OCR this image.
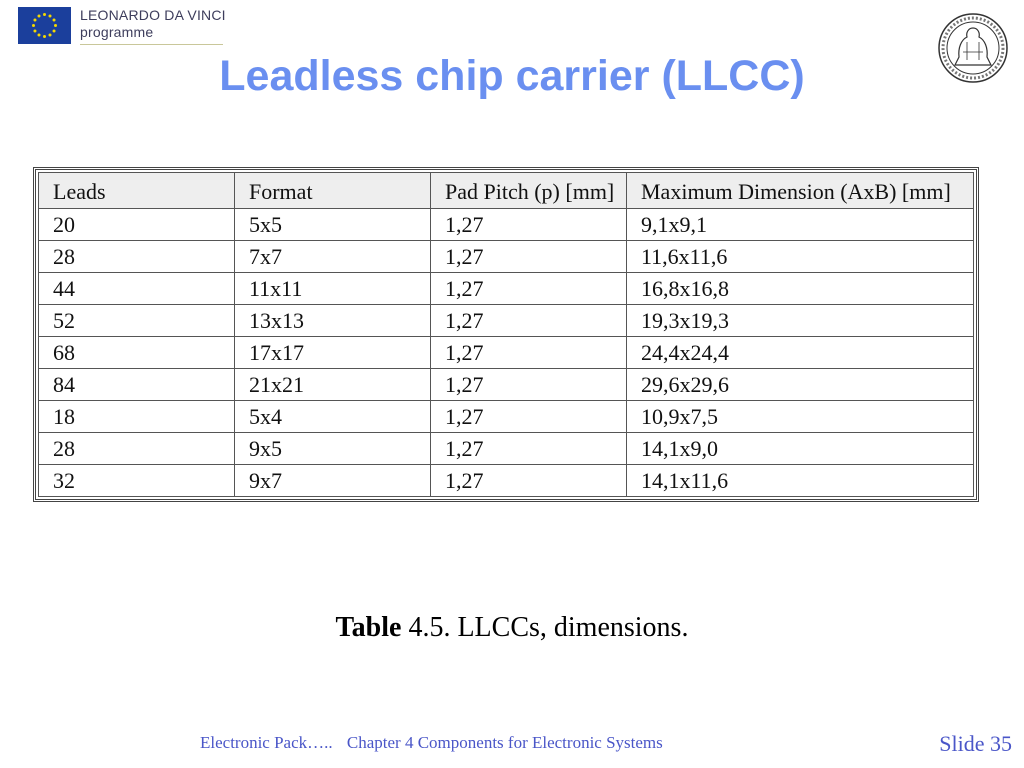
LEONARDO DA VINCI
programme
Leadless chip carrier (LLCC)
Leads	Format	Pad Pitch (p) [mm]	Maximum Dimension (AxB) [mm]
20	5x5	1,27	9,1x9,1
28	7x7	1,27	11,6x11,6
44	11x11	1,27	16,8x16,8
52	13x13	1,27	19,3x19,3
68	17x17	1,27	24,4x24,4
84	21x21	1,27	29,6x29,6
18	5x4	1,27	10,9x7,5
28	9x5	1,27	14,1x9,0
32	9x7	1,27	14,1x11,6
Table 4.5. LLCCs, dimensions.
Electronic Pack….. Chapter 4 Components for Electronic Systems	Slide 35
